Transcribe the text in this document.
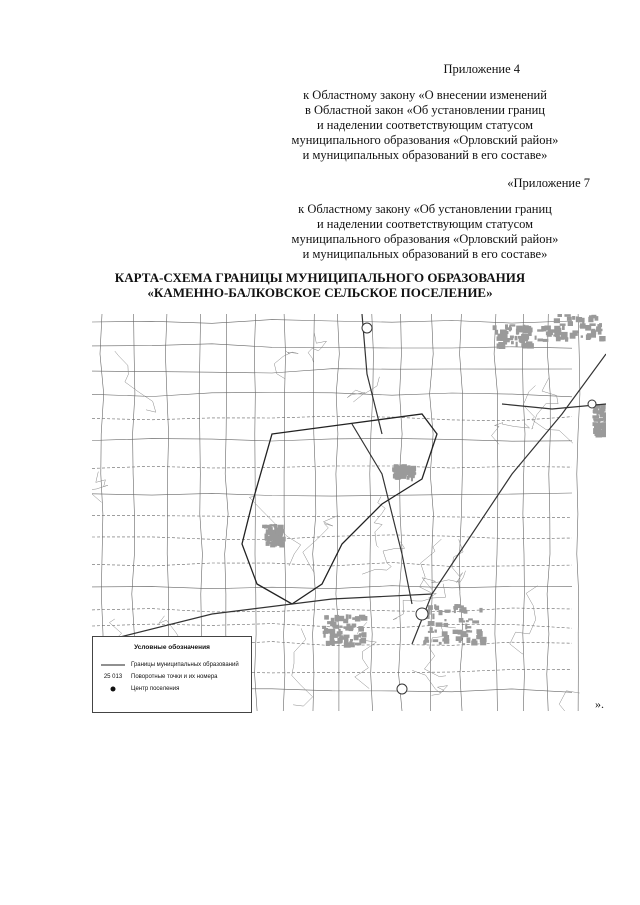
Приложение 4
к Областному закону «О внесении изменений
в Областной закон «Об установлении границ
и наделении соответствующим статусом
муниципального образования «Орловский район»
и муниципальных образований в его составе»
«Приложение 7
к Областному закону «Об установлении границ
и наделении соответствующим статусом
муниципального образования «Орловский район»
и муниципальных образований в его составе»
КАРТА-СХЕМА ГРАНИЦЫ МУНИЦИПАЛЬНОГО ОБРАЗОВАНИЯ
«КАМЕННО-БАЛКОВСКОЕ СЕЛЬСКОЕ ПОСЕЛЕНИЕ»
Условные обозначения
Границы муниципальных образований
25 013	Поворотные точки и их номера
Центр поселения
».
